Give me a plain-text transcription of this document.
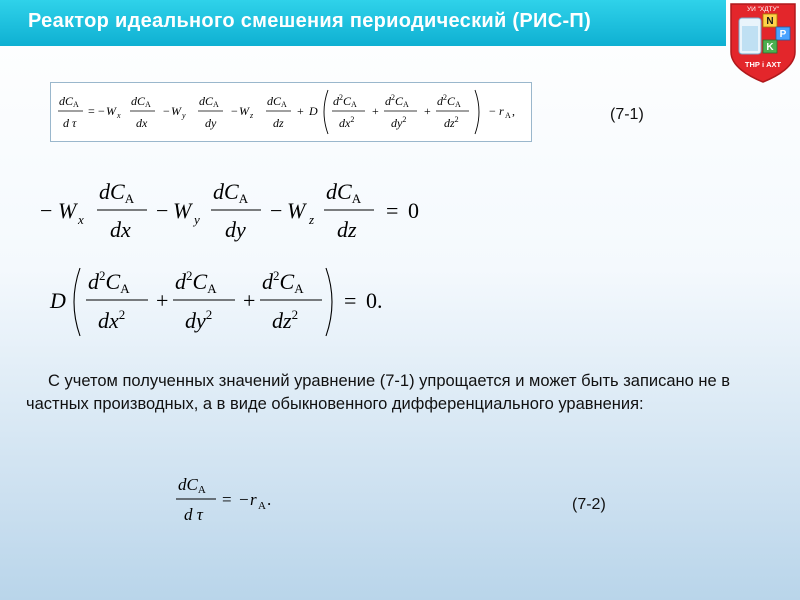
Реактор идеального смешения периодический (РИС-П)
УИ "ХДТУ"
N
P
K
ТНР і АХТ
dCA
d τ
= − W x
dCA
dx
− W y
dCA
dy
− W z
dCA
dz
+ D
$d^2CA$
$dx^2$
+
$d^2CA$
$dy^2$
+
$d^2CA$
$dz^2$
− r A ,	(7-1)
− W x
dCA
dx
− W y
dCA
dy
− W z
dCA
dz
= 0
D
$d^2CA$
$dx^2$
+
$d^2CA$
$dy^2$
+
$d^2CA$
$dz^2$
= 0.
С учетом полученных значений уравнение (7-1) упрощается и может быть записано не в частных производных, а в виде обыкновенного дифференциального уравнения:
dCA
d τ
= − r A .	(7-2)
